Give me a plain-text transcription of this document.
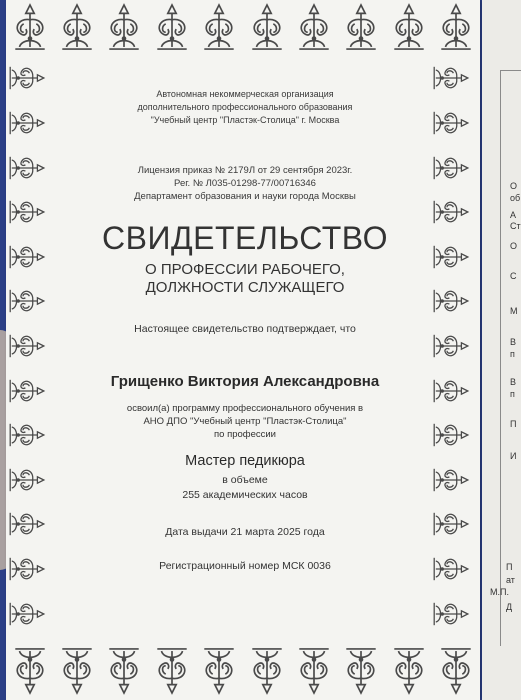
Автономная некоммерческая организация
дополнительного профессионального образования
"Учебный центр "Пластэк-Столица" г. Москва
Лицензия приказ № 2179Л от 29 сентября 2023г.
Рег. № Л035-01298-77/00716346
Департамент образования и науки города Москвы
СВИДЕТЕЛЬСТВО
О ПРОФЕССИИ РАБОЧЕГО,
ДОЛЖНОСТИ СЛУЖАЩЕГО
Настоящее свидетельство подтверждает, что
Грищенко Виктория Александровна
освоил(а) программу профессионального обучения в
АНО ДПО "Учебный центр "Пластэк-Столица"
по профессии
Мастер педикюра
в объеме
255 академических часов
Дата выдачи 21 марта 2025 года
Регистрационный номер МСК 0036
О
об
А
Ст
О
С
М
В
п
В
п
П
И
П
ат
М.П.
Д
